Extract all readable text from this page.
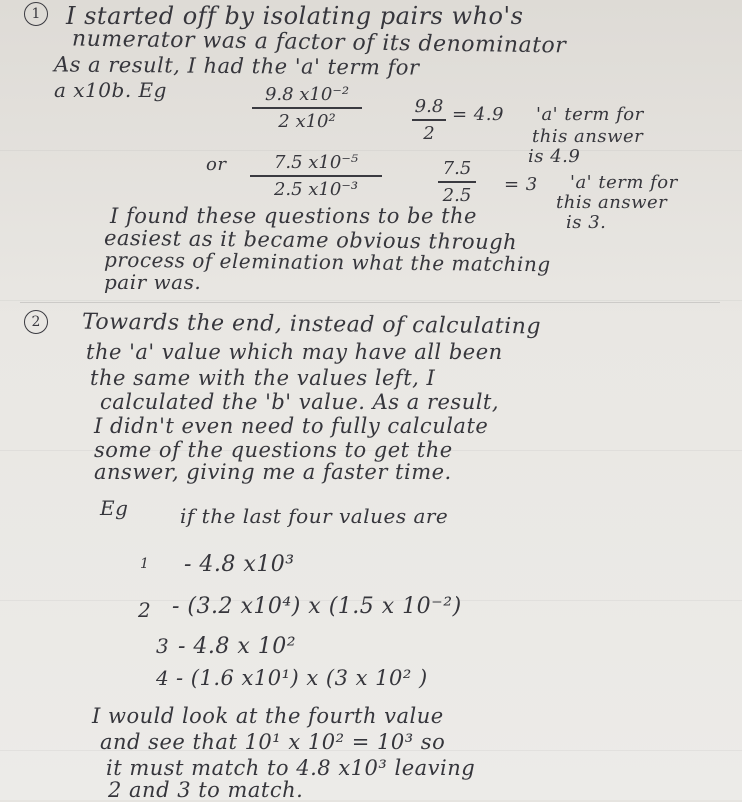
1	I started off by isolating pairs who's
numerator was a factor of its denominator
As a result, I had the 'a' term for
a x10b. Eg	9.8 x10⁻²
2 x10²
9.8
2
= 4.9 'a' term for
this answer
is 4.9
or	7.5 x10⁻⁵
2.5 x10⁻³
7.5
2.5 = 3 'a' term for
this answer
is 3.
I found these questions to be the
easiest as it became obvious through
process of elemination what the matching
pair was.
2	Towards the end, instead of calculating
the 'a' value which may have all been
the same with the values left, I
calculated the 'b' value. As a result,
I didn't even need to fully calculate
some of the questions to get the
answer, giving me a faster time.
Eg	if the last four values are
1 - 4.8 x10³
2 - (3.2 x10⁴) x (1.5 x 10⁻²)
3 - 4.8 x 10²
4 - (1.6 x10¹) x (3 x 10² )
I would look at the fourth value
and see that 10¹ x 10² = 10³ so
it must match to 4.8 x10³ leaving
2 and 3 to match.
